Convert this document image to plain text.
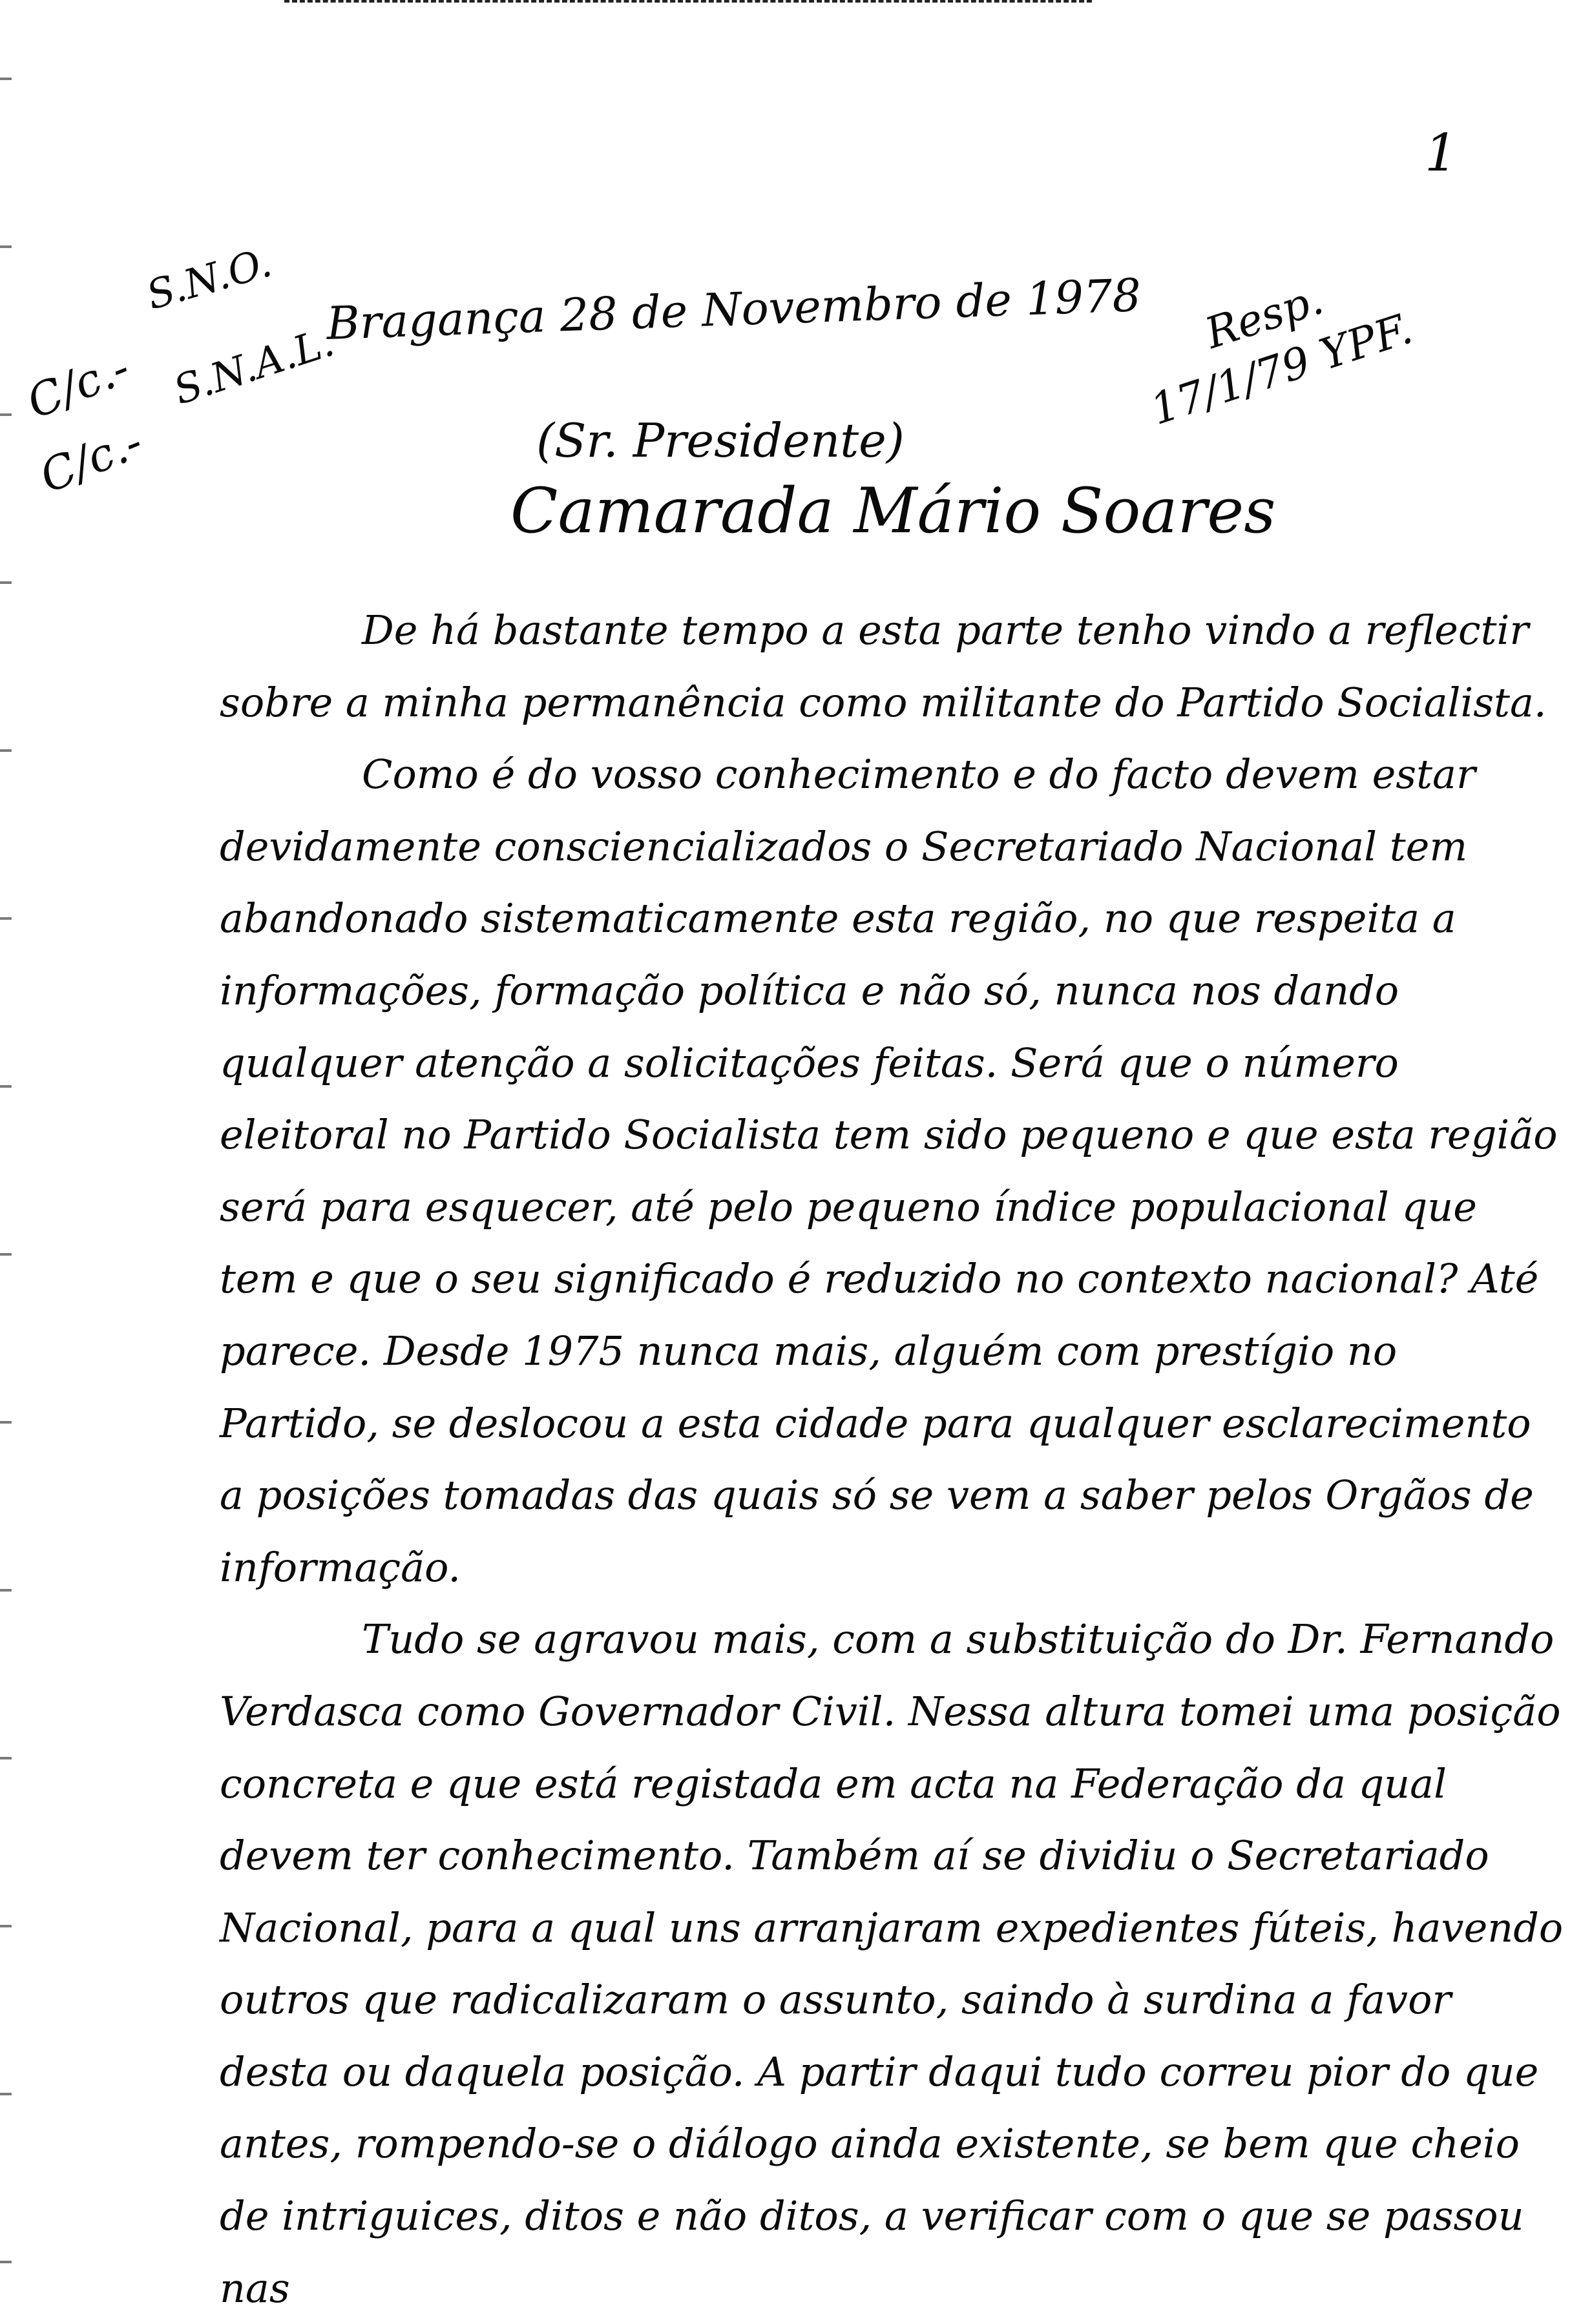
1
C/c.-
C/c.-
S.N.O.
S.N.A.L.
Bragança 28 de Novembro de 1978	Resp. 17/1/79 YPF.
(Sr. Presidente)
Camarada Mário Soares

De há bastante tempo a esta parte tenho vindo a reflectir sobre a minha permanência como militante do Partido Socialista.

Como é do vosso conhecimento e do facto devem estar devidamente consciencializados o Secretariado Nacional tem abandonado sistematicamente esta região, no que respeita a informações, formação política e não só, nunca nos dando qualquer atenção a solicitações feitas. Será que o número eleitoral no Partido Socialista tem sido pequeno e que esta região será para esquecer, até pelo pequeno índice populacional que tem e que o seu significado é reduzido no contexto nacional? Até parece. Desde 1975 nunca mais, alguém com prestígio no Partido, se deslocou a esta cidade para qualquer esclarecimento a posições tomadas das quais só se vem a saber pelos Orgãos de informação.

Tudo se agravou mais, com a substituição do Dr. Fernando Verdasca como Governador Civil. Nessa altura tomei uma posição concreta e que está registada em acta na Federação da qual devem ter conhecimento. Também aí se dividiu o Secretariado Nacional, para a qual uns arranjaram expedientes fúteis, havendo outros que radicalizaram o assunto, saindo à surdina a favor desta ou daquela posição. A partir daqui tudo correu pior do que antes, rompendo-se o diálogo ainda existente, se bem que cheio de intriguices, ditos e não ditos, a verificar com o que se passou nas
